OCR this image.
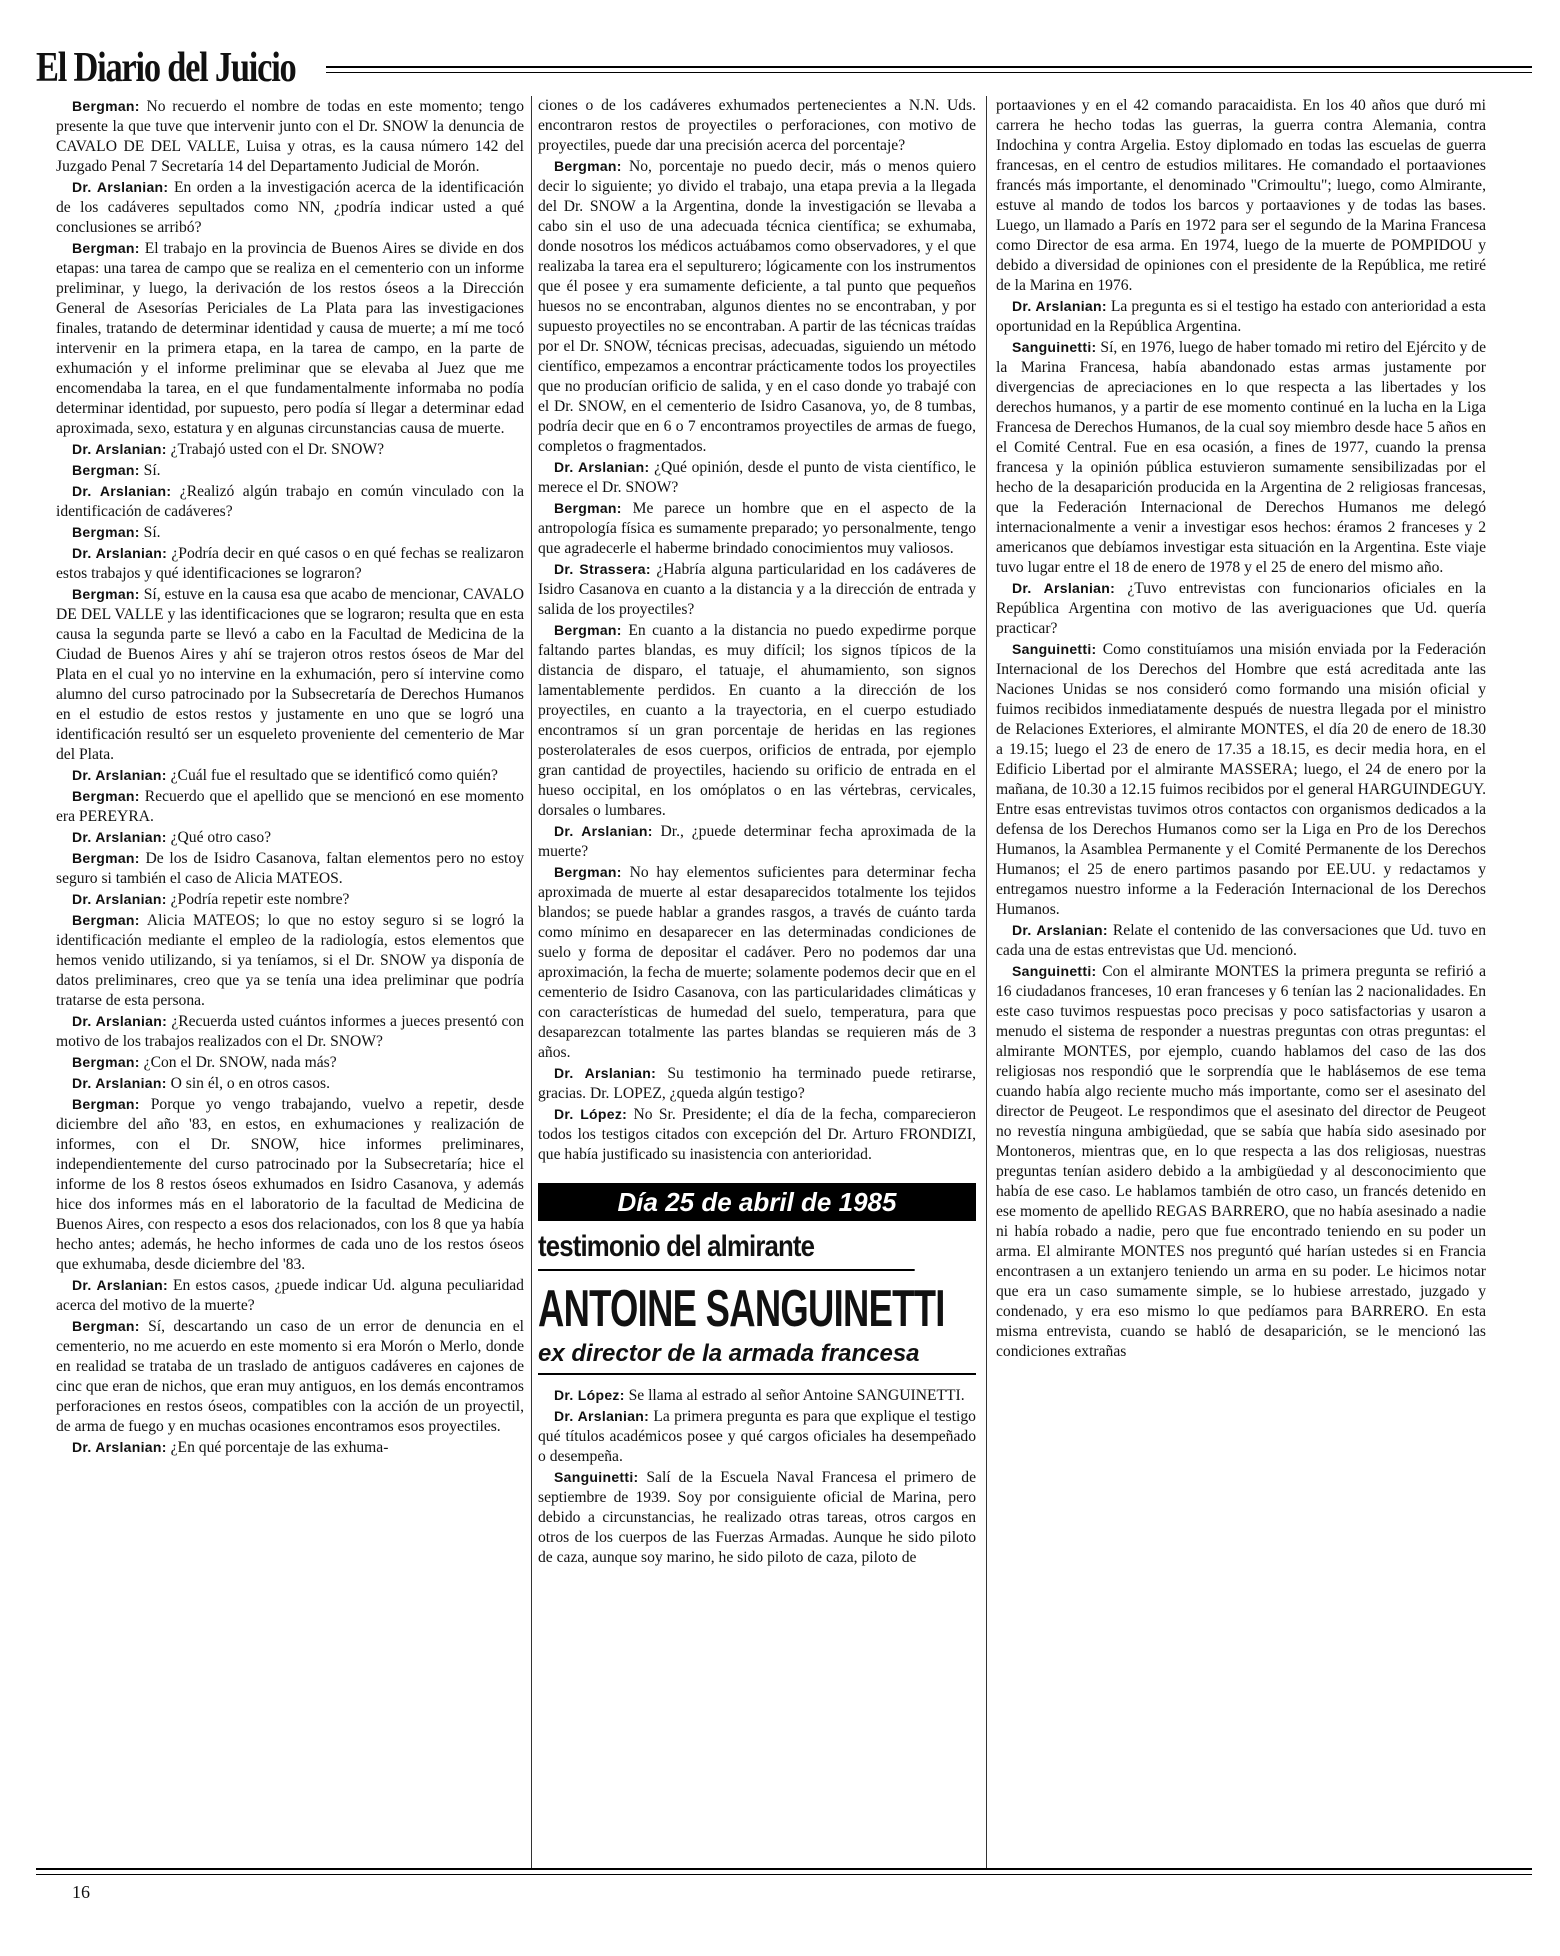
El Diario del Juicio

Bergman: No recuerdo el nombre de todas en este momento; tengo presente la que tuve que intervenir junto con el Dr. SNOW la denuncia de CAVALO DE DEL VALLE, Luisa y otras, es la causa número 142 del Juzgado Penal 7 Secretaría 14 del Departamento Judicial de Morón.

Dr. Arslanian: En orden a la investigación acerca de la identificación de los cadáveres sepultados como NN, ¿podría indicar usted a qué conclusiones se arribó?

Bergman: El trabajo en la provincia de Buenos Aires se divide en dos etapas: una tarea de campo que se realiza en el cementerio con un informe preliminar, y luego, la derivación de los restos óseos a la Dirección General de Asesorías Periciales de La Plata para las investigaciones finales, tratando de determinar identidad y causa de muerte; a mí me tocó intervenir en la primera etapa, en la tarea de campo, en la parte de exhumación y el informe preliminar que se elevaba al Juez que me encomendaba la tarea, en el que fundamentalmente informaba no podía determinar identidad, por supuesto, pero podía sí llegar a determinar edad aproximada, sexo, estatura y en algunas circunstancias causa de muerte.

Dr. Arslanian: ¿Trabajó usted con el Dr. SNOW?

Bergman: Sí.

Dr. Arslanian: ¿Realizó algún trabajo en común vinculado con la identificación de cadáveres?

Bergman: Sí.

Dr. Arslanian: ¿Podría decir en qué casos o en qué fechas se realizaron estos trabajos y qué identificaciones se lograron?

Bergman: Sí, estuve en la causa esa que acabo de mencionar, CAVALO DE DEL VALLE y las identificaciones que se lograron; resulta que en esta causa la segunda parte se llevó a cabo en la Facultad de Medicina de la Ciudad de Buenos Aires y ahí se trajeron otros restos óseos de Mar del Plata en el cual yo no intervine en la exhumación, pero sí intervine como alumno del curso patrocinado por la Subsecretaría de Derechos Humanos en el estudio de estos restos y justamente en uno que se logró una identificación resultó ser un esqueleto proveniente del cementerio de Mar del Plata.

Dr. Arslanian: ¿Cuál fue el resultado que se identificó como quién?

Bergman: Recuerdo que el apellido que se mencionó en ese momento era PEREYRA.

Dr. Arslanian: ¿Qué otro caso?

Bergman: De los de Isidro Casanova, faltan elementos pero no estoy seguro si también el caso de Alicia MATEOS.

Dr. Arslanian: ¿Podría repetir este nombre?

Bergman: Alicia MATEOS; lo que no estoy seguro si se logró la identificación mediante el empleo de la radiología, estos elementos que hemos venido utilizando, si ya teníamos, si el Dr. SNOW ya disponía de datos preliminares, creo que ya se tenía una idea preliminar que podría tratarse de esta persona.

Dr. Arslanian: ¿Recuerda usted cuántos informes a jueces presentó con motivo de los trabajos realizados con el Dr. SNOW?

Bergman: ¿Con el Dr. SNOW, nada más?

Dr. Arslanian: O sin él, o en otros casos.

Bergman: Porque yo vengo trabajando, vuelvo a repetir, desde diciembre del año '83, en estos, en exhumaciones y realización de informes, con el Dr. SNOW, hice informes preliminares, independientemente del curso patrocinado por la Subsecretaría; hice el informe de los 8 restos óseos exhumados en Isidro Casanova, y además hice dos informes más en el laboratorio de la facultad de Medicina de Buenos Aires, con respecto a esos dos relacionados, con los 8 que ya había hecho antes; además, he hecho informes de cada uno de los restos óseos que exhumaba, desde diciembre del '83.

Dr. Arslanian: En estos casos, ¿puede indicar Ud. alguna peculiaridad acerca del motivo de la muerte?

Bergman: Sí, descartando un caso de un error de denuncia en el cementerio, no me acuerdo en este momento si era Morón o Merlo, donde en realidad se trataba de un traslado de antiguos cadáveres en cajones de cinc que eran de nichos, que eran muy antiguos, en los demás encontramos perforaciones en restos óseos, compatibles con la acción de un proyectil, de arma de fuego y en muchas ocasiones encontramos esos proyectiles.

Dr. Arslanian: ¿En qué porcentaje de las exhuma-

ciones o de los cadáveres exhumados pertenecientes a N.N. Uds. encontraron restos de proyectiles o perforaciones, con motivo de proyectiles, puede dar una precisión acerca del porcentaje?

Bergman: No, porcentaje no puedo decir, más o menos quiero decir lo siguiente; yo divido el trabajo, una etapa previa a la llegada del Dr. SNOW a la Argentina, donde la investigación se llevaba a cabo sin el uso de una adecuada técnica científica; se exhumaba, donde nosotros los médicos actuábamos como observadores, y el que realizaba la tarea era el sepulturero; lógicamente con los instrumentos que él posee y era sumamente deficiente, a tal punto que pequeños huesos no se encontraban, algunos dientes no se encontraban, y por supuesto proyectiles no se encontraban. A partir de las técnicas traídas por el Dr. SNOW, técnicas precisas, adecuadas, siguiendo un método científico, empezamos a encontrar prácticamente todos los proyectiles que no producían orificio de salida, y en el caso donde yo trabajé con el Dr. SNOW, en el cementerio de Isidro Casanova, yo, de 8 tumbas, podría decir que en 6 o 7 encontramos proyectiles de armas de fuego, completos o fragmentados.

Dr. Arslanian: ¿Qué opinión, desde el punto de vista científico, le merece el Dr. SNOW?

Bergman: Me parece un hombre que en el aspecto de la antropología física es sumamente preparado; yo personalmente, tengo que agradecerle el haberme brindado conocimientos muy valiosos.

Dr. Strassera: ¿Habría alguna particularidad en los cadáveres de Isidro Casanova en cuanto a la distancia y a la dirección de entrada y salida de los proyectiles?

Bergman: En cuanto a la distancia no puedo expedirme porque faltando partes blandas, es muy difícil; los signos típicos de la distancia de disparo, el tatuaje, el ahumamiento, son signos lamentablemente perdidos. En cuanto a la dirección de los proyectiles, en cuanto a la trayectoria, en el cuerpo estudiado encontramos sí un gran porcentaje de heridas en las regiones posterolaterales de esos cuerpos, orificios de entrada, por ejemplo gran cantidad de proyectiles, haciendo su orificio de entrada en el hueso occipital, en los omóplatos o en las vértebras, cervicales, dorsales o lumbares.

Dr. Arslanian: Dr., ¿puede determinar fecha aproximada de la muerte?

Bergman: No hay elementos suficientes para determinar fecha aproximada de muerte al estar desaparecidos totalmente los tejidos blandos; se puede hablar a grandes rasgos, a través de cuánto tarda como mínimo en desaparecer en las determinadas condiciones de suelo y forma de depositar el cadáver. Pero no podemos dar una aproximación, la fecha de muerte; solamente podemos decir que en el cementerio de Isidro Casanova, con las particularidades climáticas y con características de humedad del suelo, temperatura, para que desaparezcan totalmente las partes blandas se requieren más de 3 años.

Dr. Arslanian: Su testimonio ha terminado puede retirarse, gracias. Dr. LOPEZ, ¿queda algún testigo?

Dr. López: No Sr. Presidente; el día de la fecha, comparecieron todos los testigos citados con excepción del Dr. Arturo FRONDIZI, que había justificado su inasistencia con anterioridad.

Día 25 de abril de 1985
testimonio del almirante
ANTOINE SANGUINETTI
ex director de la armada francesa

Dr. López: Se llama al estrado al señor Antoine SANGUINETTI.

Dr. Arslanian: La primera pregunta es para que explique el testigo qué títulos académicos posee y qué cargos oficiales ha desempeñado o desempeña.

Sanguinetti: Salí de la Escuela Naval Francesa el primero de septiembre de 1939. Soy por consiguiente oficial de Marina, pero debido a circunstancias, he realizado otras tareas, otros cargos en otros de los cuerpos de las Fuerzas Armadas. Aunque he sido piloto de caza, aunque soy marino, he sido piloto de caza, piloto de

portaaviones y en el 42 comando paracaidista. En los 40 años que duró mi carrera he hecho todas las guerras, la guerra contra Alemania, contra Indochina y contra Argelia. Estoy diplomado en todas las escuelas de guerra francesas, en el centro de estudios militares. He comandado el portaaviones francés más importante, el denominado "Crimoultu"; luego, como Almirante, estuve al mando de todos los barcos y portaaviones y de todas las bases. Luego, un llamado a París en 1972 para ser el segundo de la Marina Francesa como Director de esa arma. En 1974, luego de la muerte de POMPIDOU y debido a diversidad de opiniones con el presidente de la República, me retiré de la Marina en 1976.

Dr. Arslanian: La pregunta es si el testigo ha estado con anterioridad a esta oportunidad en la República Argentina.

Sanguinetti: Sí, en 1976, luego de haber tomado mi retiro del Ejército y de la Marina Francesa, había abandonado estas armas justamente por divergencias de apreciaciones en lo que respecta a las libertades y los derechos humanos, y a partir de ese momento continué en la lucha en la Liga Francesa de Derechos Humanos, de la cual soy miembro desde hace 5 años en el Comité Central. Fue en esa ocasión, a fines de 1977, cuando la prensa francesa y la opinión pública estuvieron sumamente sensibilizadas por el hecho de la desaparición producida en la Argentina de 2 religiosas francesas, que la Federación Internacional de Derechos Humanos me delegó internacionalmente a venir a investigar esos hechos: éramos 2 franceses y 2 americanos que debíamos investigar esta situación en la Argentina. Este viaje tuvo lugar entre el 18 de enero de 1978 y el 25 de enero del mismo año.

Dr. Arslanian: ¿Tuvo entrevistas con funcionarios oficiales en la República Argentina con motivo de las averiguaciones que Ud. quería practicar?

Sanguinetti: Como constituíamos una misión enviada por la Federación Internacional de los Derechos del Hombre que está acreditada ante las Naciones Unidas se nos consideró como formando una misión oficial y fuimos recibidos inmediatamente después de nuestra llegada por el ministro de Relaciones Exteriores, el almirante MONTES, el día 20 de enero de 18.30 a 19.15; luego el 23 de enero de 17.35 a 18.15, es decir media hora, en el Edificio Libertad por el almirante MASSERA; luego, el 24 de enero por la mañana, de 10.30 a 12.15 fuimos recibidos por el general HARGUINDEGUY. Entre esas entrevistas tuvimos otros contactos con organismos dedicados a la defensa de los Derechos Humanos como ser la Liga en Pro de los Derechos Humanos, la Asamblea Permanente y el Comité Permanente de los Derechos Humanos; el 25 de enero partimos pasando por EE.UU. y redactamos y entregamos nuestro informe a la Federación Internacional de los Derechos Humanos.

Dr. Arslanian: Relate el contenido de las conversaciones que Ud. tuvo en cada una de estas entrevistas que Ud. mencionó.

Sanguinetti: Con el almirante MONTES la primera pregunta se refirió a 16 ciudadanos franceses, 10 eran franceses y 6 tenían las 2 nacionalidades. En este caso tuvimos respuestas poco precisas y poco satisfactorias y usaron a menudo el sistema de responder a nuestras preguntas con otras preguntas: el almirante MONTES, por ejemplo, cuando hablamos del caso de las dos religiosas nos respondió que le sorprendía que le hablásemos de ese tema cuando había algo reciente mucho más importante, como ser el asesinato del director de Peugeot. Le respondimos que el asesinato del director de Peugeot no revestía ninguna ambigüedad, que se sabía que había sido asesinado por Montoneros, mientras que, en lo que respecta a las dos religiosas, nuestras preguntas tenían asidero debido a la ambigüedad y al desconocimiento que había de ese caso. Le hablamos también de otro caso, un francés detenido en ese momento de apellido REGAS BARRERO, que no había asesinado a nadie ni había robado a nadie, pero que fue encontrado teniendo en su poder un arma. El almirante MONTES nos preguntó qué harían ustedes si en Francia encontrasen a un extanjero teniendo un arma en su poder. Le hicimos notar que era un caso sumamente simple, se lo hubiese arrestado, juzgado y condenado, y era eso mismo lo que pedíamos para BARRERO. En esta misma entrevista, cuando se habló de desaparición, se le mencionó las condiciones extrañas

16
